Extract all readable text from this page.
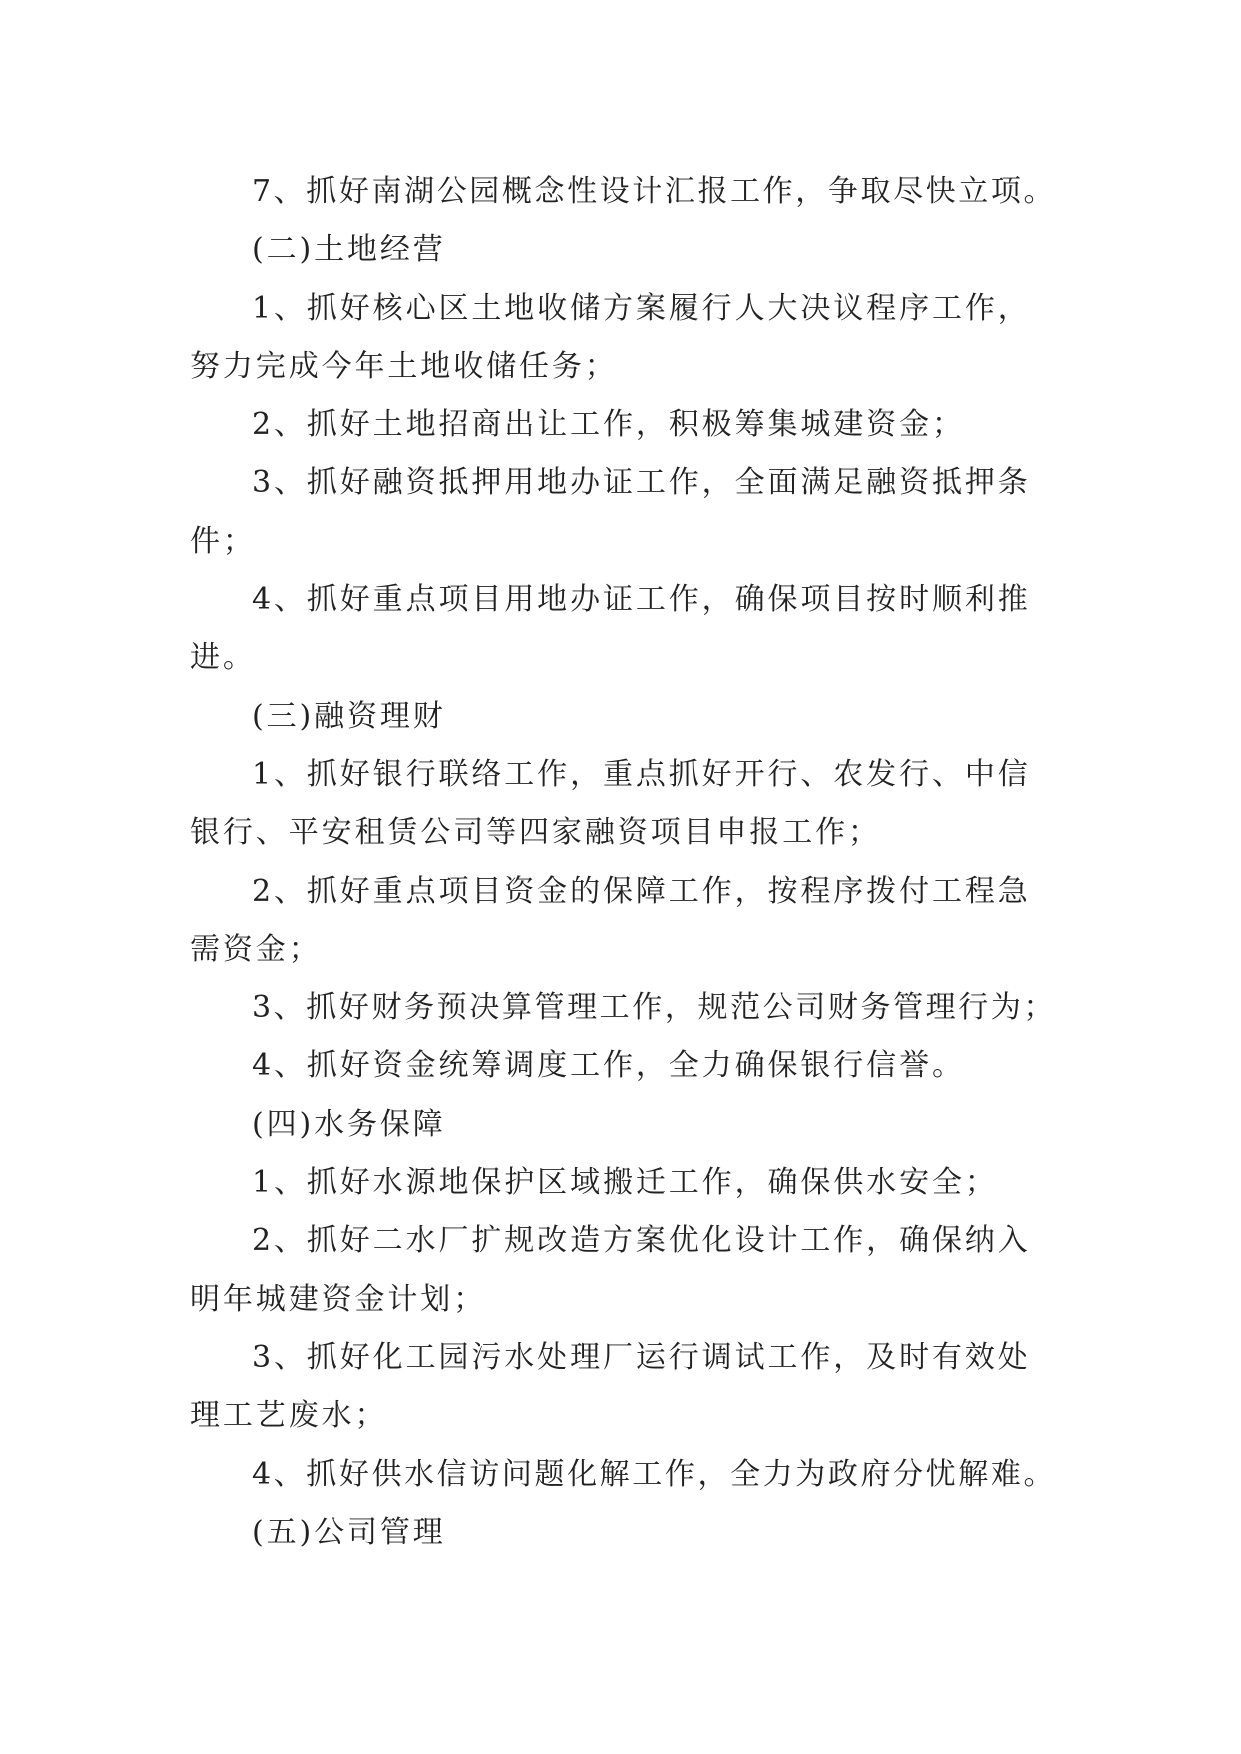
7、抓好南湖公园概念性设计汇报工作，争取尽快立项。
(二)土地经营
1、抓好核心区土地收储方案履行人大决议程序工作，
努力完成今年土地收储任务；
2、抓好土地招商出让工作，积极筹集城建资金；
3、抓好融资抵押用地办证工作，全面满足融资抵押条
件；
4、抓好重点项目用地办证工作，确保项目按时顺利推
进。
(三)融资理财
1、抓好银行联络工作，重点抓好开行、农发行、中信
银行、平安租赁公司等四家融资项目申报工作；
2、抓好重点项目资金的保障工作，按程序拨付工程急
需资金；
3、抓好财务预决算管理工作，规范公司财务管理行为；
4、抓好资金统筹调度工作，全力确保银行信誉。
(四)水务保障
1、抓好水源地保护区域搬迁工作，确保供水安全；
2、抓好二水厂扩规改造方案优化设计工作，确保纳入
明年城建资金计划；
3、抓好化工园污水处理厂运行调试工作，及时有效处
理工艺废水；
4、抓好供水信访问题化解工作，全力为政府分忧解难。
(五)公司管理
